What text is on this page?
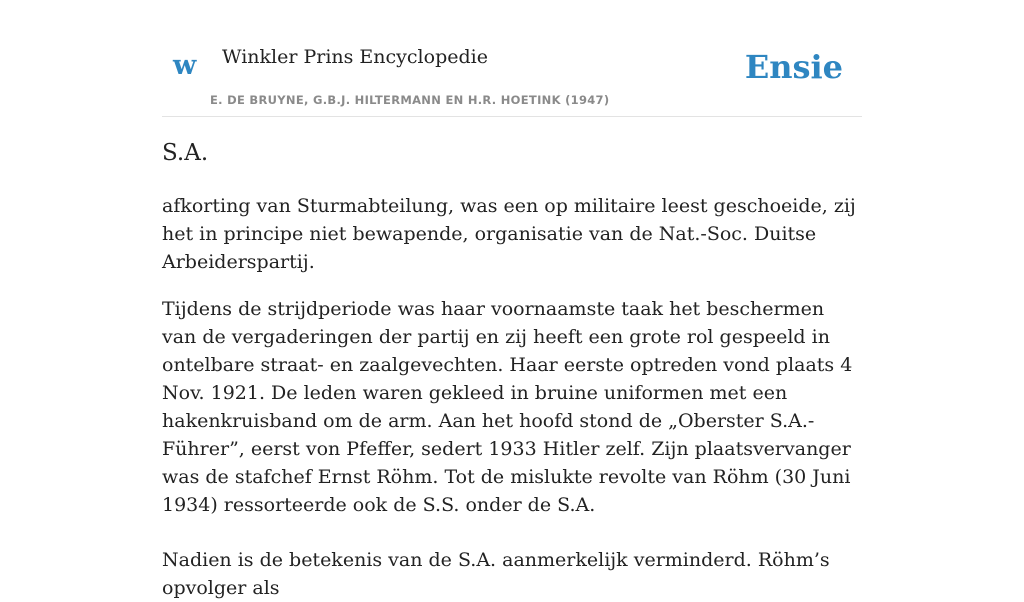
w Winkler Prins Encyclopedie
E. DE BRUYNE, G.B.J. HILTERMANN EN H.R. HOETINK (1947)
Ensie
S.A.

afkorting van Sturmabteilung, was een op militaire leest geschoeide, zij het in principe niet bewapende, organisatie van de Nat.-Soc. Duitse Arbeiderspartij.

Tijdens de strijdperiode was haar voornaamste taak het beschermen van de vergaderingen der partij en zij heeft een grote rol gespeeld in ontelbare straat- en zaalgevechten. Haar eerste optreden vond plaats 4 Nov. 1921. De leden waren gekleed in bruine uniformen met een hakenkruisband om de arm. Aan het hoofd stond de „Oberster S.A.-Führer”, eerst von Pfeffer, sedert 1933 Hitler zelf. Zijn plaatsvervanger was de stafchef Ernst Röhm. Tot de mislukte revolte van Röhm (30 Juni 1934) ressorteerde ook de S.S. onder de S.A.

Nadien is de betekenis van de S.A. aanmerkelijk verminderd. Röhm’s opvolger als
